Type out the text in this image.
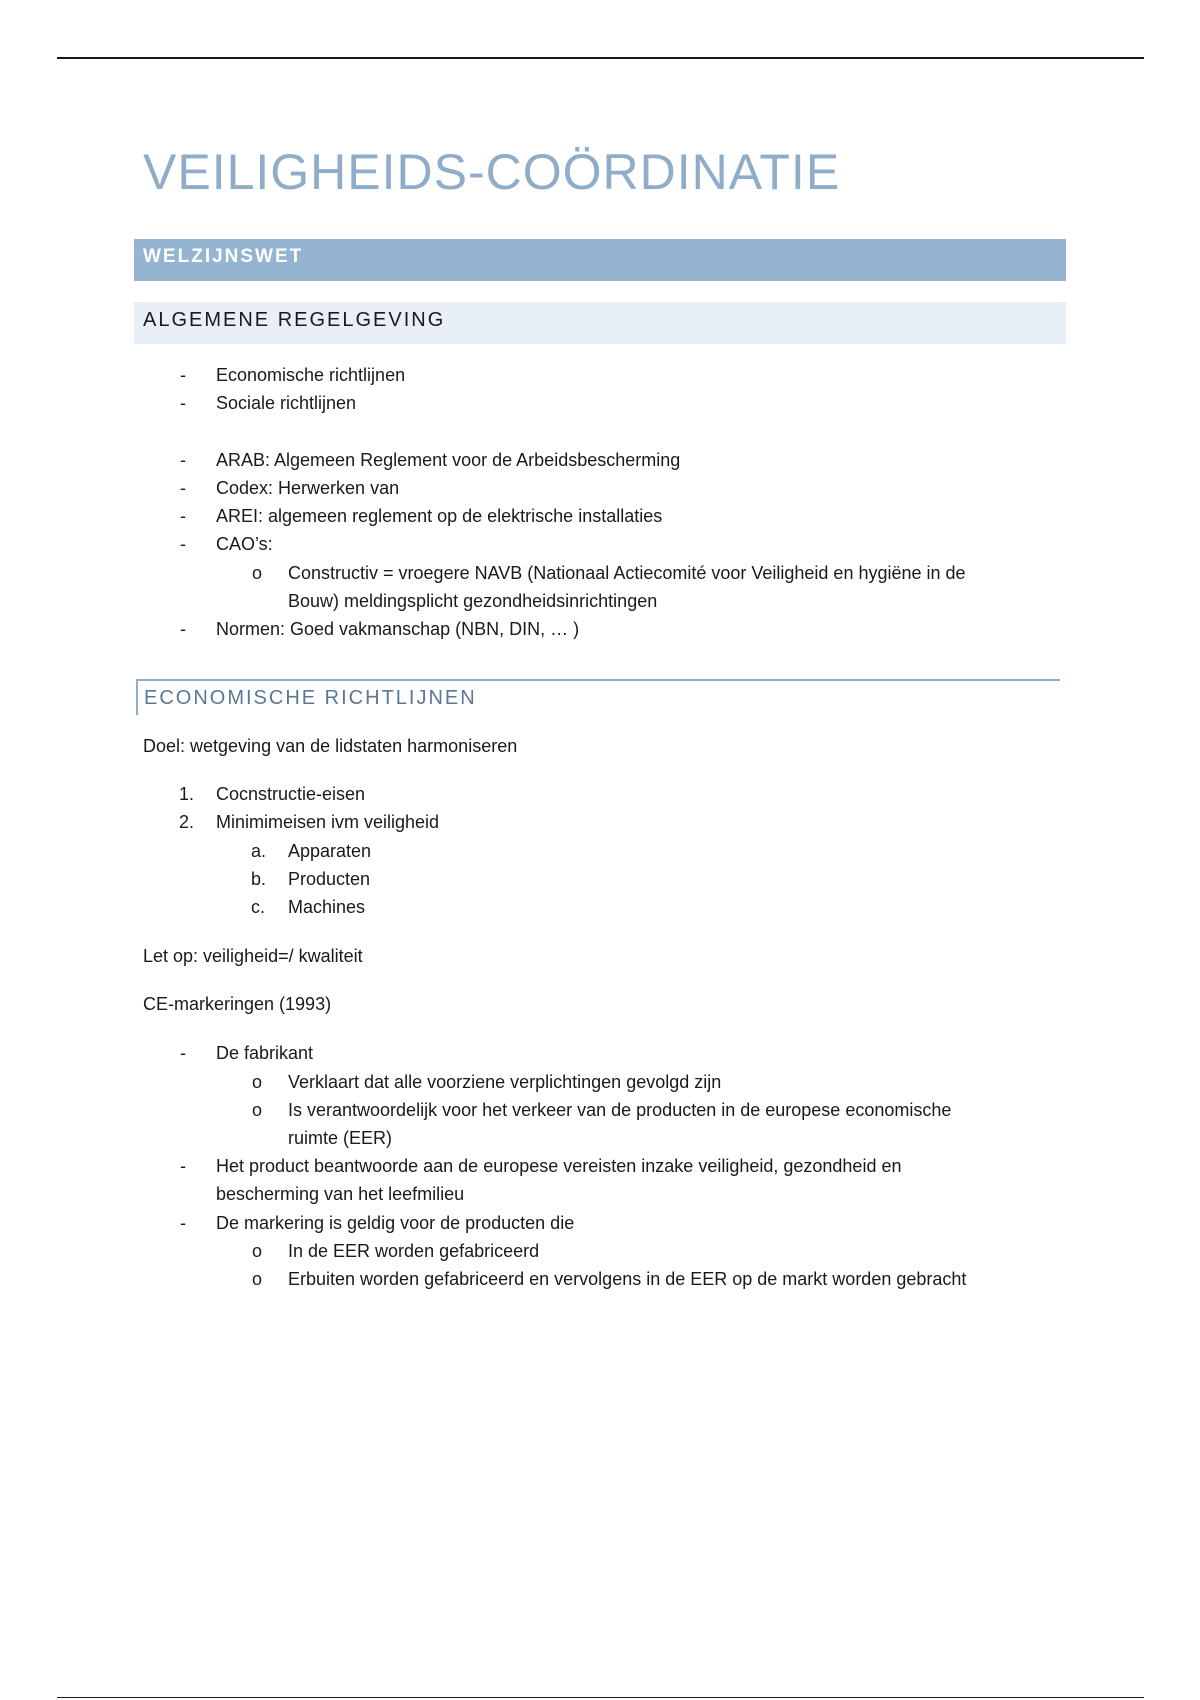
VEILIGHEIDS-COÖRDINATIE
WELZIJNSWET
ALGEMENE REGELGEVING
- Economische richtlijnen
- Sociale richtlijnen
- ARAB: Algemeen Reglement voor de Arbeidsbescherming
- Codex: Herwerken van
- AREI: algemeen reglement op de elektrische installaties
- CAO’s:
o Constructiv = vroegere NAVB (Nationaal Actiecomité voor Veiligheid en hygiëne in de
Bouw) meldingsplicht gezondheidsinrichtingen
- Normen: Goed vakmanschap (NBN, DIN, … )
ECONOMISCHE RICHTLIJNEN
Doel: wetgeving van de lidstaten harmoniseren
1. Cocnstructie-eisen
2. Minimimeisen ivm veiligheid
a. Apparaten
b. Producten
c. Machines
Let op: veiligheid=/ kwaliteit
CE-markeringen (1993)
- De fabrikant
o Verklaart dat alle voorziene verplichtingen gevolgd zijn
o Is verantwoordelijk voor het verkeer van de producten in de europese economische
ruimte (EER)
- Het product beantwoorde aan de europese vereisten inzake veiligheid, gezondheid en
bescherming van het leefmilieu
- De markering is geldig voor de producten die
o In de EER worden gefabriceerd
o Erbuiten worden gefabriceerd en vervolgens in de EER op de markt worden gebracht
